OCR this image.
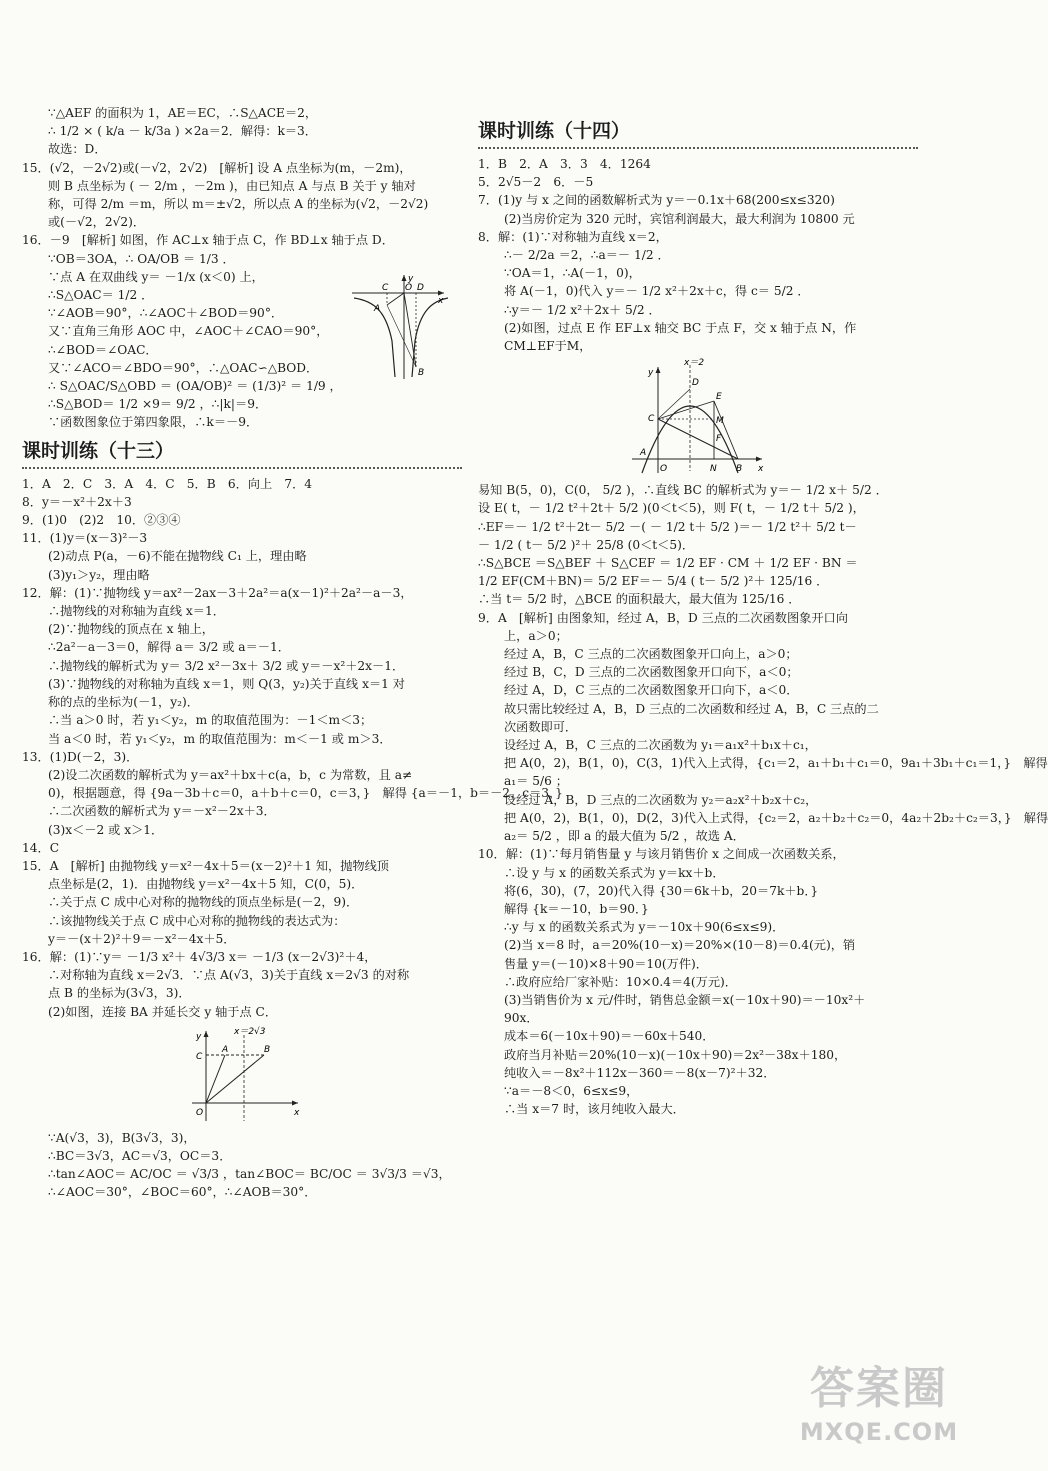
∵△AEF 的面积为 1，AE＝EC，∴S△ACE＝2，
∴ 1/2 × ( k/a － k/3a ) ×2a＝2．解得：k＝3．
故选：D．
15．(√2，－2√2)或(－√2，2√2)　[解析] 设 A 点坐标为(m，－2m)，
则 B 点坐标为 ( － 2/m ，－2m )，由已知点 A 与点 B 关于 y 轴对
称，可得 2/m ＝m，所以 m＝±√2，所以点 A 的坐标为(√2，－2√2)
或(－√2，2√2)．
16．－9　[解析] 如图，作 AC⊥x 轴于点 C，作 BD⊥x 轴于点 D．
∵OB＝3OA，∴ OA/OB ＝ 1/3 ．
∵点 A 在双曲线 y＝ －1/x (x＜0) 上，
∴S△OAC＝ 1/2 ．
∵∠AOB＝90°，∴∠AOC＋∠BOD＝90°．
又∵直角三角形 AOC 中，∠AOC＋∠CAO＝90°，
∴∠BOD＝∠OAC．
又∵∠ACO＝∠BDO＝90°，∴△OAC∽△BOD．
∴ S△OAC/S△OBD ＝ (OA/OB)² ＝ (1/3)² ＝ 1/9 ，
∴S△BOD＝ 1/2 ×9＝ 9/2 ，∴|k|＝9．
∵函数图象位于第四象限，∴k＝－9．
y
C O D
x
A
B
课时训练（十三）
1．A　2．C　3．A　4．C　5．B　6．向上　7．4
8．y＝－x²＋2x＋3
9．(1)0　(2)2　10．②③④
11．(1)y＝(x－3)²－3
(2)动点 P(a，－6)不能在抛物线 C₁ 上，理由略
(3)y₁＞y₂，理由略
12．解：(1)∵抛物线 y＝ax²－2ax－3＋2a²＝a(x－1)²＋2a²－a－3，
∴抛物线的对称轴为直线 x＝1．
(2)∵抛物线的顶点在 x 轴上，
∴2a²－a－3＝0，解得 a＝ 3/2 或 a＝－1．
∴抛物线的解析式为 y＝ 3/2 x²－3x＋ 3/2 或 y＝－x²＋2x－1．
(3)∵抛物线的对称轴为直线 x＝1，则 Q(3，y₂)关于直线 x＝1 对
称的点的坐标为(－1，y₂)．
∴当 a＞0 时，若 y₁＜y₂，m 的取值范围为：－1＜m＜3；
当 a＜0 时，若 y₁＜y₂，m 的取值范围为：m＜－1 或 m＞3．
13．(1)D(－2，3)．
(2)设二次函数的解析式为 y＝ax²＋bx＋c(a，b，c 为常数，且 a≠
0)，根据题意，得 {9a－3b＋c＝0，a＋b＋c＝0，c＝3，}　解得 {a＝－1，b＝－2，c＝3，}
∴二次函数的解析式为 y＝－x²－2x＋3．
(3)x＜－2 或 x＞1．
14．C
15．A　[解析] 由抛物线 y＝x²－4x＋5＝(x－2)²＋1 知，抛物线顶
点坐标是(2，1)．由抛物线 y＝x²－4x＋5 知，C(0，5)．
∴关于点 C 成中心对称的抛物线的顶点坐标是(－2，9)．
∴该抛物线关于点 C 成中心对称的抛物线的表达式为：
y＝－(x＋2)²＋9＝－x²－4x＋5．
16．解：(1)∵y＝ －1/3 x²＋ 4√3/3 x＝ －1/3 (x－2√3)²＋4，
∴对称轴为直线 x＝2√3．∵点 A(√3，3)关于直线 x＝2√3 的对称
点 B 的坐标为(3√3，3)．
(2)如图，连接 BA 并延长交 y 轴于点 C．
y	x＝2√3
C
A	B
O	x
∵A(√3，3)，B(3√3，3)，
∴BC＝3√3，AC＝√3，OC＝3．
∴tan∠AOC＝ AC/OC ＝ √3/3 ，tan∠BOC＝ BC/OC ＝ 3√3/3 ＝√3，
∴∠AOC＝30°，∠BOC＝60°，∴∠AOB＝30°．
课时训练（十四）
1．B　2．A　3．3　4．1264
5．2√5－2　6．－5
7．(1)y 与 x 之间的函数解析式为 y＝－0.1x＋68(200≤x≤320)
(2)当房价定为 320 元时，宾馆利润最大，最大利润为 10800 元
8．解：(1)∵对称轴为直线 x＝2，
∴－ 2/2a ＝2，∴a＝－ 1/2 ．
∵OA＝1，∴A(－1，0)，
将 A(－1，0)代入 y＝－ 1/2 x²＋2x＋c，得 c＝ 5/2 ．
∴y＝－ 1/2 x²＋2x＋ 5/2 ．
(2)如图，过点 E 作 EF⊥x 轴交 BC 于点 F，交 x 轴于点 N，作
CM⊥EF于M，
x＝2
y
D
E
C
F
M
A
O	N B x
易知 B(5，0)，C(0， 5/2 )，∴直线 BC 的解析式为 y＝－ 1/2 x＋ 5/2 ．
设 E( t，－ 1/2 t²＋2t＋ 5/2 )(0＜t＜5)，则 F( t，－ 1/2 t＋ 5/2 )，
∴EF＝－ 1/2 t²＋2t－ 5/2 －( － 1/2 t＋ 5/2 )＝－ 1/2 t²＋ 5/2 t－
－ 1/2 ( t－ 5/2 )²＋ 25/8 (0＜t＜5)．
∴S△BCE ＝S△BEF ＋ S△CEF ＝ 1/2 EF · CM ＋ 1/2 EF · BN ＝
1/2 EF(CM＋BN)＝ 5/2 EF＝－ 5/4 ( t－ 5/2 )²＋ 125/16 ．
∴当 t＝ 5/2 时，△BCE 的面积最大，最大值为 125/16 ．
9．A　[解析] 由图象知，经过 A，B，D 三点的二次函数图象开口向
上，a＞0；
经过 A，B，C 三点的二次函数图象开口向上，a＞0；
经过 B，C，D 三点的二次函数图象开口向下，a＜0；
经过 A，D，C 三点的二次函数图象开口向下，a＜0．
故只需比较经过 A，B，D 三点的二次函数和经过 A，B，C 三点的二
次函数即可．
设经过 A，B，C 三点的二次函数为 y₁＝a₁x²＋b₁x＋c₁，
把 A(0，2)，B(1，0)，C(3，1)代入上式得，{c₁＝2，a₁＋b₁＋c₁＝0，9a₁＋3b₁＋c₁＝1，}　解得
a₁＝ 5/6 ；
设经过 A，B，D 三点的二次函数为 y₂＝a₂x²＋b₂x＋c₂，
把 A(0，2)，B(1，0)，D(2，3)代入上式得，{c₂＝2，a₂＋b₂＋c₂＝0，4a₂＋2b₂＋c₂＝3，}　解得
a₂＝ 5/2 ，即 a 的最大值为 5/2 ，故选 A．
10．解：(1)∵每月销售量 y 与该月销售价 x 之间成一次函数关系，
∴设 y 与 x 的函数关系式为 y＝kx＋b．
将(6，30)，(7，20)代入得 {30＝6k＋b，20＝7k＋b．}
解得 {k＝－10，b＝90．}
∴y 与 x 的函数关系式为 y＝－10x＋90(6≤x≤9)．
(2)当 x＝8 时，a＝20%(10－x)＝20%×(10－8)＝0.4(元)，销
售量 y＝(－10)×8＋90＝10(万件)．
∴政府应给厂家补贴：10×0.4＝4(万元)．
(3)当销售价为 x 元/件时，销售总金额＝x(－10x＋90)＝－10x²＋
90x．
成本＝6(－10x＋90)＝－60x＋540．
政府当月补贴＝20%(10－x)(－10x＋90)＝2x²－38x＋180，
纯收入＝－8x²＋112x－360＝－8(x－7)²＋32．
∵a＝－8＜0，6≤x≤9，
∴当 x＝7 时，该月纯收入最大．
答案圈
MXQE.COM
